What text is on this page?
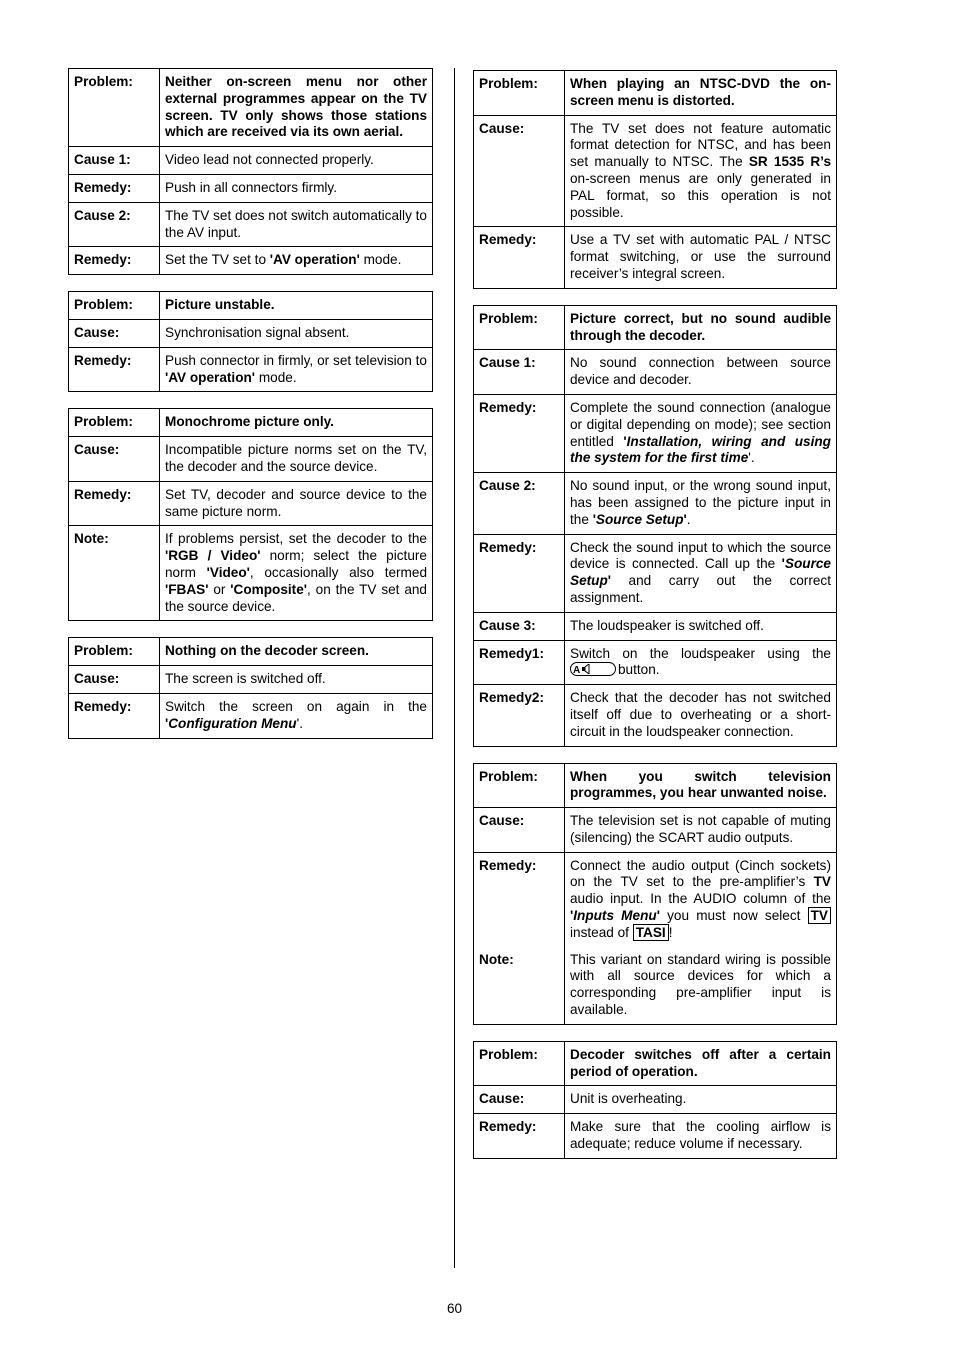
Problem:	Neither on-screen menu nor other external programmes appear on the TV screen. TV only shows those stations which are received via its own aerial.
Cause 1:	Video lead not connected properly.
Remedy:	Push in all connectors firmly.
Cause 2:	The TV set does not switch automatically to the AV input.
Remedy:	Set the TV set to 'AV operation' mode.
Problem:	Picture unstable.
Cause:	Synchronisation signal absent.
Remedy:	Push connector in firmly, or set television to 'AV operation' mode.
Problem:	Monochrome picture only.
Cause:	Incompatible picture norms set on the TV, the decoder and the source device.
Remedy:	Set TV, decoder and source device to the same picture norm.
Note:	If problems persist, set the decoder to the 'RGB / Video' norm; select the picture norm 'Video', occasionally also termed 'FBAS' or 'Composite', on the TV set and the source device.
Problem:	Nothing on the decoder screen.
Cause:	The screen is switched off.
Remedy:	Switch the screen on again in the 'Configuration Menu'.
Problem:	When playing an NTSC-DVD the on-screen menu is distorted.
Cause:	The TV set does not feature automatic format detection for NTSC, and has been set manually to NTSC. The SR 1535 R’s on-screen menus are only generated in PAL format, so this operation is not possible.
Remedy:	Use a TV set with automatic PAL / NTSC format switching, or use the surround receiver’s integral screen.
Problem:	Picture correct, but no sound audible through the decoder.
Cause 1:	No sound connection between source device and decoder.
Remedy:	Complete the sound connection (analogue or digital depending on mode); see section entitled 'Installation, wiring and using the system for the first time'.
Cause 2:	No sound input, or the wrong sound input, has been assigned to the picture input in the 'Source Setup'.
Remedy:	Check the sound input to which the source device is connected. Call up the 'Source Setup' and carry out the correct assignment.
Cause 3:	The loudspeaker is switched off.
Remedy1:	Switch on the loudspeaker using the
A button.
Remedy2:	Check that the decoder has not switched itself off due to overheating or a short-circuit in the loudspeaker connection.
Problem:	When you switch television programmes, you hear unwanted noise.
Cause:	The television set is not capable of muting (silencing) the SCART audio outputs.
Remedy:	Connect the audio output (Cinch sockets) on the TV set to the pre-amplifier’s TV audio input. In the AUDIO column of the 'Inputs Menu' you must now select TV instead of TASI !
Note:	This variant on standard wiring is possible with all source devices for which a corresponding pre-amplifier input is available.
Problem:	Decoder switches off after a certain period of operation.
Cause:	Unit is overheating.
Remedy:	Make sure that the cooling airflow is adequate; reduce volume if necessary.
60
